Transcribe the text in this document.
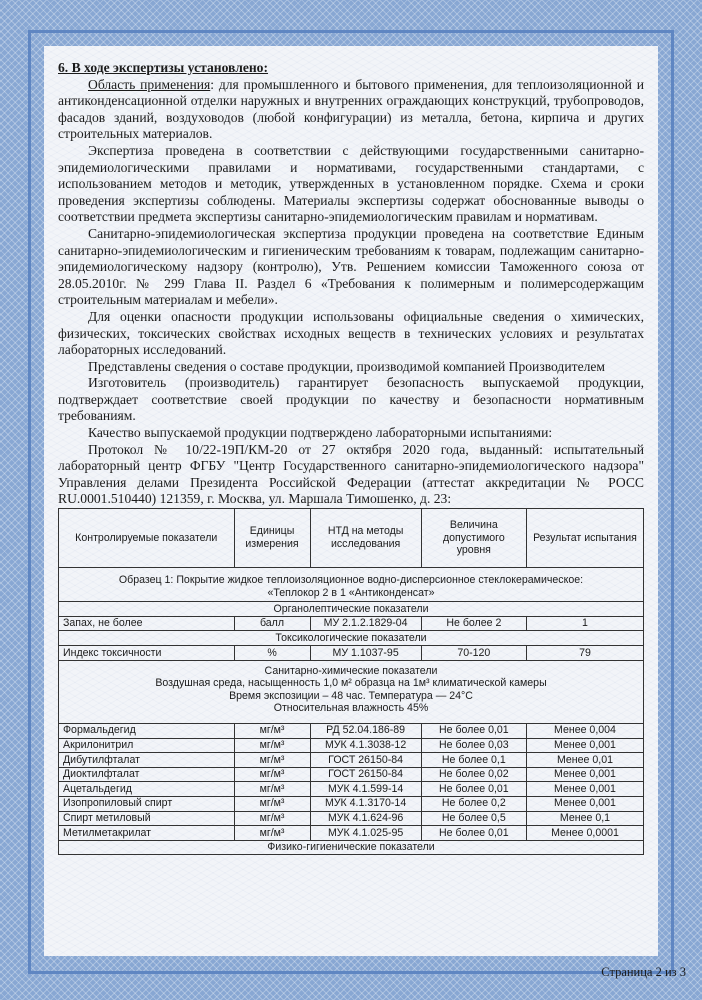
6. В ходе экспертизы установлено:

Область применения: для промышленного и бытового применения, для теплоизоляционной и антиконденсационной отделки наружных и внутренних ограждающих конструкций, трубопроводов, фасадов зданий, воздуховодов (любой конфигурации) из металла, бетона, кирпича и других строительных материалов.

Экспертиза проведена в соответствии с действующими государственными санитарно-эпидемиологическими правилами и нормативами, государственными стандартами, с использованием методов и методик, утвержденных в установленном порядке. Схема и сроки проведения экспертизы соблюдены. Материалы экспертизы содержат обоснованные выводы о соответствии предмета экспертизы санитарно-эпидемиологическим правилам и нормативам.

Санитарно-эпидемиологическая экспертиза продукции проведена на соответствие Единым санитарно-эпидемиологическим и гигиеническим требованиям к товарам, подлежащим санитарно-эпидемиологическому надзору (контролю), Утв. Решением комиссии Таможенного союза от 28.05.2010г. № 299 Глава II. Раздел 6 «Требования к полимерным и полимерсодержащим строительным материалам и мебели».

Для оценки опасности продукции использованы официальные сведения о химических, физических, токсических свойствах исходных веществ в технических условиях и результатах лабораторных исследований.

Представлены сведения о составе продукции, производимой компанией Производителем

Изготовитель (производитель) гарантирует безопасность выпускаемой продукции, подтверждает соответствие своей продукции по качеству и безопасности нормативным требованиям.

Качество выпускаемой продукции подтверждено лабораторными испытаниями:

Протокол № 10/22-19П/КМ-20 от 27 октября 2020 года, выданный: испытательный лабораторный центр ФГБУ "Центр Государственного санитарно-эпидемиологического надзора" Управления делами Президента Российской Федерации (аттестат аккредитации № РОСС RU.0001.510440) 121359, г. Москва, ул. Маршала Тимошенко, д. 23:

Контролируемые показатели	Единицы измерения	НТД на методы исследования	Величина допустимого уровня	Результат испытания

Образец 1: Покрытие жидкое теплоизоляционное водно-дисперсионное стеклокерамическое:
«Теплокор 2 в 1 «Антиконденсат»				

Органолептические показатели				
Запах, не более	балл	МУ 2.1.2.1829-04	Не более 2	1
Токсикологические показатели				
Индекс токсичности	%	МУ 1.1037-95	70-120	79

Санитарно-химические показатели
Воздушная среда, насыщенность 1,0 м² образца на 1м³ климатической камеры
Время экспозиции – 48 час. Температура — 24°С
Относительная влажность 45%				

Формальдегид	мг/м³	РД 52.04.186-89	Не более 0,01	Менее 0,004
Акрилонитрил	мг/м³	МУК 4.1.3038-12	Не более 0,03	Менее 0,001
Дибутилфталат	мг/м³	ГОСТ 26150-84	Не более 0,1	Менее 0,01
Диоктилфталат	мг/м³	ГОСТ 26150-84	Не более 0,02	Менее 0,001
Ацетальдегид	мг/м³	МУК 4.1.599-14	Не более 0,01	Менее 0,001
Изопропиловый спирт	мг/м³	МУК 4.1.3170-14	Не более 0,2	Менее 0,001
Спирт метиловый	мг/м³	МУК 4.1.624-96	Не более 0,5	Менее 0,1
Метилметакрилат	мг/м³	МУК 4.1.025-95	Не более 0,01	Менее 0,0001
Физико-гигиенические показатели				
Страница 2 из 3
